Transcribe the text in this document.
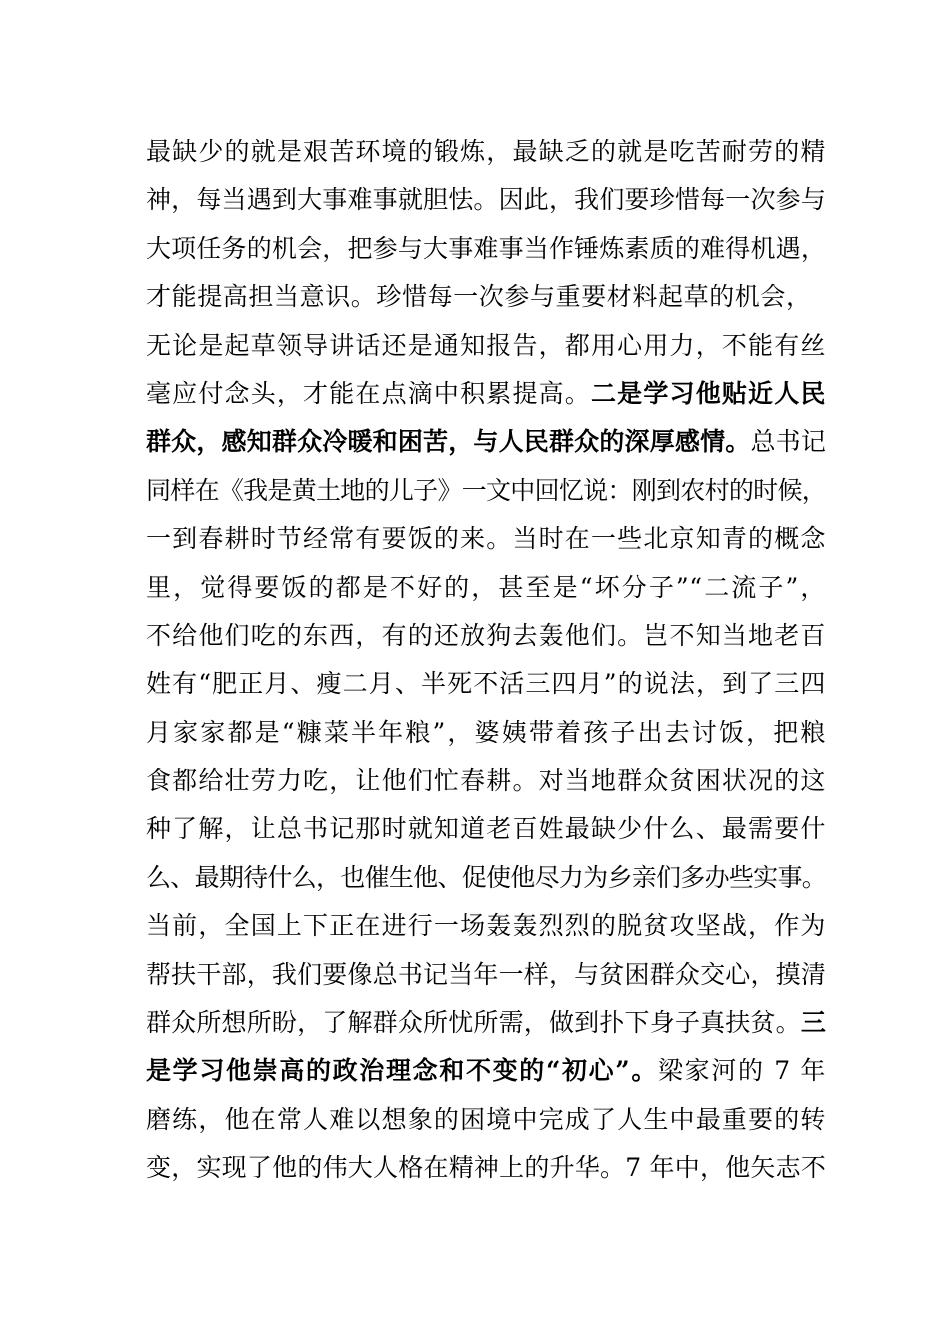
最缺少的就是艰苦环境的锻炼，最缺乏的就是吃苦耐劳的精
神，每当遇到大事难事就胆怯。因此，我们要珍惜每一次参与
大项任务的机会，把参与大事难事当作锤炼素质的难得机遇，
才能提高担当意识。珍惜每一次参与重要材料起草的机会，
无论是起草领导讲话还是通知报告，都用心用力，不能有丝
毫应付念头，才能在点滴中积累提高。二是学习他贴近人民
群众，感知群众冷暖和困苦，与人民群众的深厚感情。总书记
同样在《我是黄土地的儿子》一文中回忆说：刚到农村的时候，
一到春耕时节经常有要饭的来。当时在一些北京知青的概念
里，觉得要饭的都是不好的，甚至是“坏分子”“二流子”，
不给他们吃的东西，有的还放狗去轰他们。岂不知当地老百
姓有“肥正月、瘦二月、半死不活三四月”的说法，到了三四
月家家都是“糠菜半年粮”，婆姨带着孩子出去讨饭，把粮
食都给壮劳力吃，让他们忙春耕。对当地群众贫困状况的这
种了解，让总书记那时就知道老百姓最缺少什么、最需要什
么、最期待什么，也催生他、促使他尽力为乡亲们多办些实事。
当前，全国上下正在进行一场轰轰烈烈的脱贫攻坚战，作为
帮扶干部，我们要像总书记当年一样，与贫困群众交心，摸清
群众所想所盼，了解群众所忧所需，做到扑下身子真扶贫。三
是学习他崇高的政治理念和不变的“初心”。梁家河的 7 年
磨练，他在常人难以想象的困境中完成了人生中最重要的转
变，实现了他的伟大人格在精神上的升华。7 年中，他矢志不
